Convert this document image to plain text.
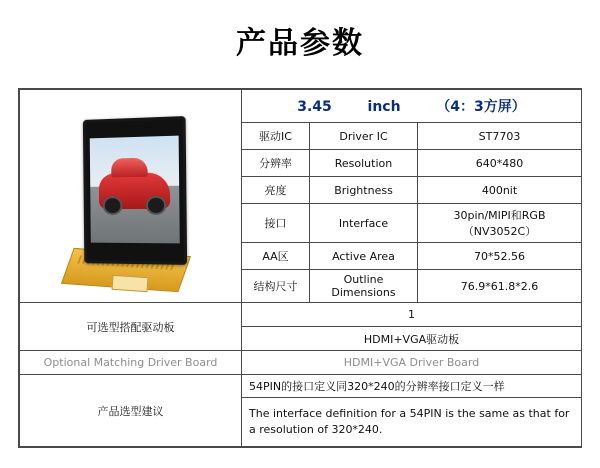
产品参数
	3.45 inch （4：3方屏）		
	驱动IC	Driver IC	ST7703
	分辨率	Resolution	640*480
	亮度	Brightness	400nit
	接口	Interface	30pin/MIPI和RGB（NV3052C）
	AA区	Active Area	70*52.56
	结构尺寸	Outline Dimensions	76.9*61.8*2.6
可选型搭配驱动板	1		
	HDMI+VGA驱动板		
Optional Matching Driver Board	HDMI+VGA Driver Board		
产品选型建议	54PIN的接口定义同320*240的分辨率接口定义一样		
	The interface definition for a 54PIN is the same as that for a resolution of 320*240.		
